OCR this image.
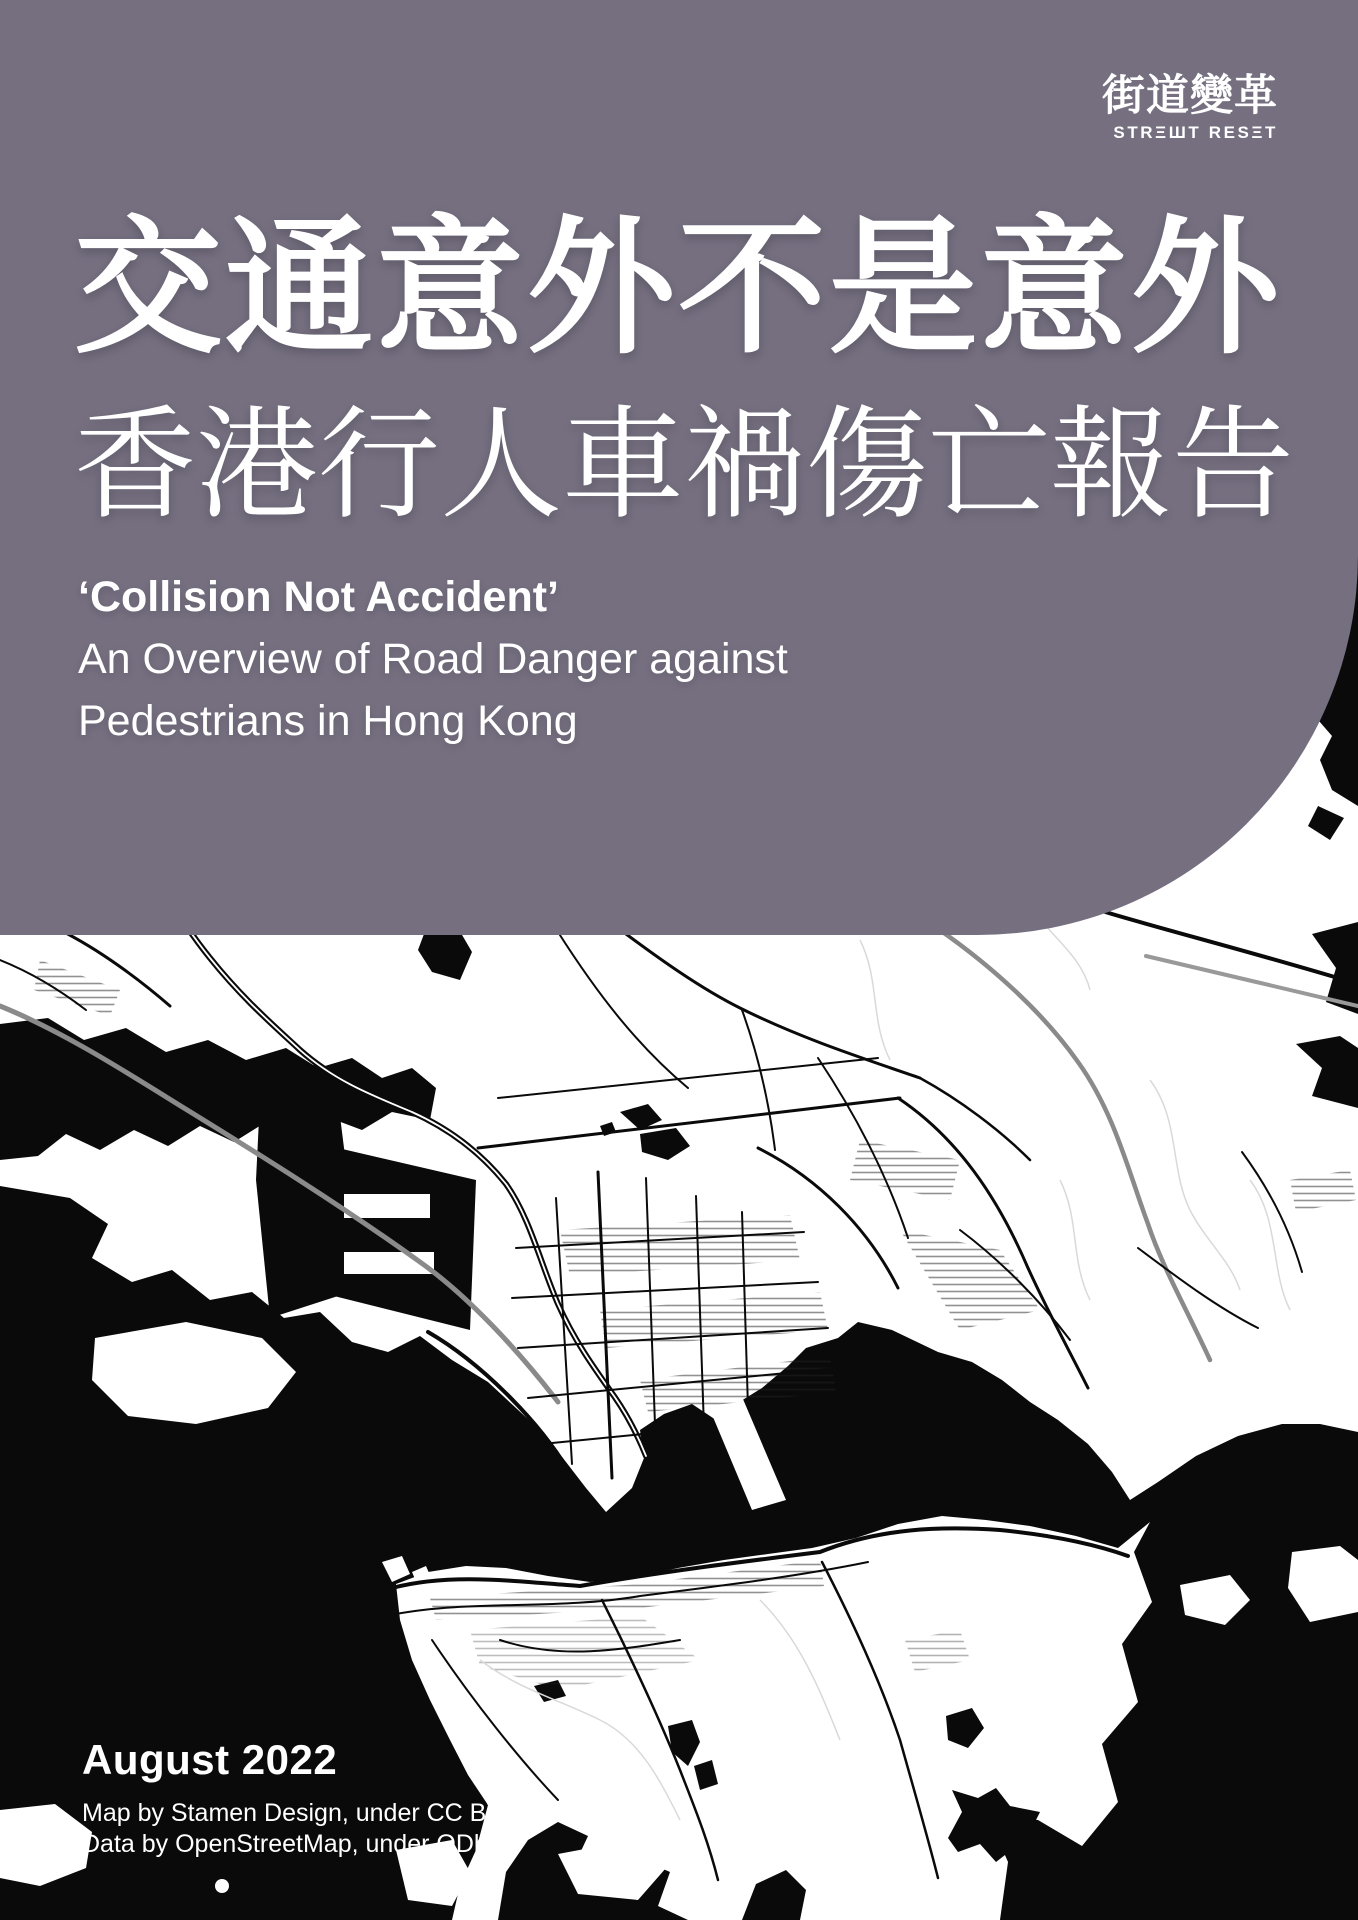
街道變革
STRΞШT RESΞT
交通意外不是意外
香港行人車禍傷亡報告
‘Collision Not Accident’
An Overview of Road Danger against
Pedestrians in Hong Kong
August 2022
Map by Stamen Design, under CC BY 3.0.
Data by OpenStreetMap, under ODbL.
